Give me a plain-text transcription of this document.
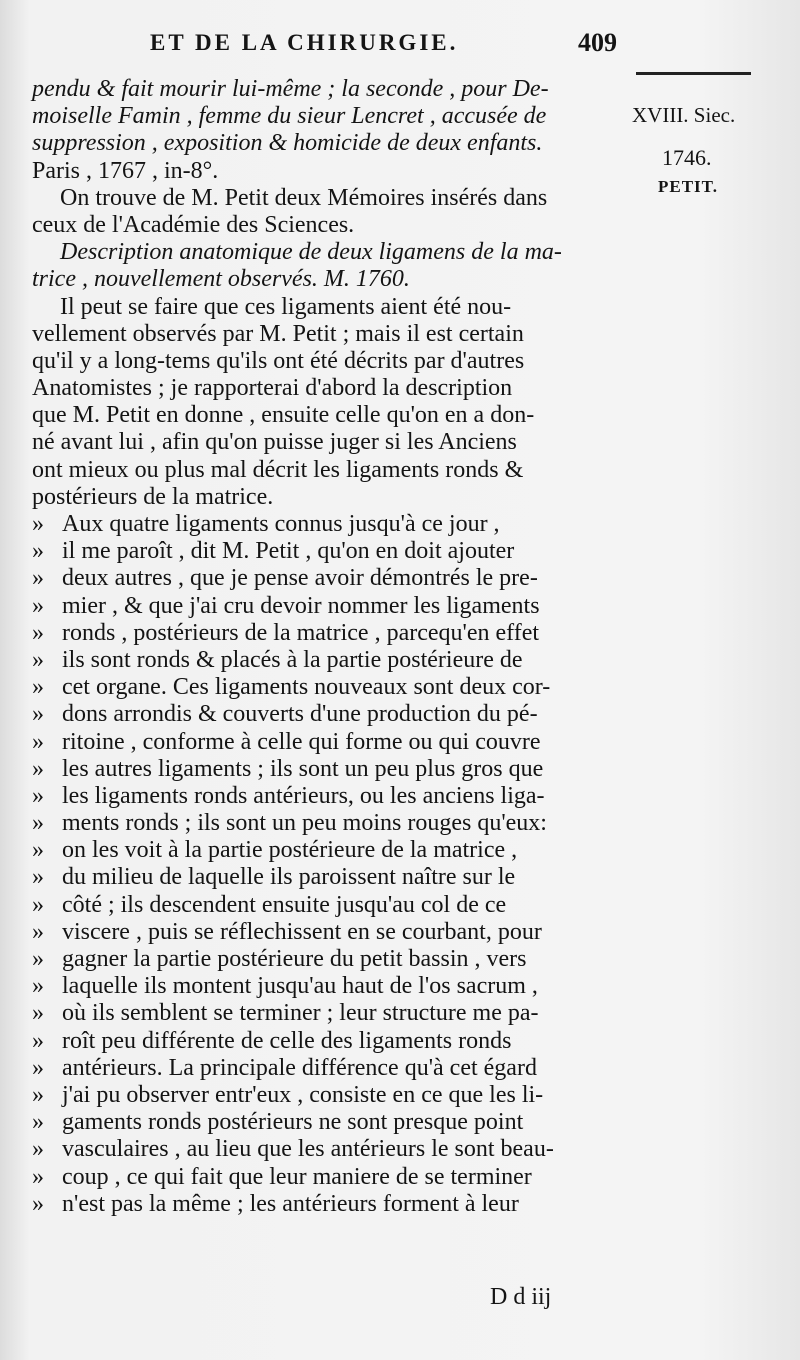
ET DE LA CHIRURGIE.	409
XVIII. Siec.
1746.
PETIT.
pendu & fait mourir lui-même ; la seconde , pour De-
moiselle Famin , femme du sieur Lencret , accusée de
suppression , exposition & homicide de deux enfants.
Paris , 1767 , in-8°.
On trouve de M. Petit deux Mémoires insérés dans
ceux de l'Académie des Sciences.
Description anatomique de deux ligamens de la ma-
trice , nouvellement observés. M. 1760.
Il peut se faire que ces ligaments aient été nou-
vellement observés par M. Petit ; mais il est certain
qu'il y a long-tems qu'ils ont été décrits par d'autres
Anatomistes ; je rapporterai d'abord la description
que M. Petit en donne , ensuite celle qu'on en a don-
né avant lui , afin qu'on puisse juger si les Anciens
ont mieux ou plus mal décrit les ligaments ronds &
postérieurs de la matrice.
» Aux quatre ligaments connus jusqu'à ce jour ,
» il me paroît , dit M. Petit , qu'on en doit ajouter
» deux autres , que je pense avoir démontrés le pre-
» mier , & que j'ai cru devoir nommer les ligaments
» ronds , postérieurs de la matrice , parcequ'en effet
» ils sont ronds & placés à la partie postérieure de
» cet organe. Ces ligaments nouveaux sont deux cor-
» dons arrondis & couverts d'une production du pé-
» ritoine , conforme à celle qui forme ou qui couvre
» les autres ligaments ; ils sont un peu plus gros que
» les ligaments ronds antérieurs, ou les anciens liga-
» ments ronds ; ils sont un peu moins rouges qu'eux:
» on les voit à la partie postérieure de la matrice ,
» du milieu de laquelle ils paroissent naître sur le
» côté ; ils descendent ensuite jusqu'au col de ce
» viscere , puis se réflechissent en se courbant, pour
» gagner la partie postérieure du petit bassin , vers
» laquelle ils montent jusqu'au haut de l'os sacrum ,
» où ils semblent se terminer ; leur structure me pa-
» roît peu différente de celle des ligaments ronds
» antérieurs. La principale différence qu'à cet égard
» j'ai pu observer entr'eux , consiste en ce que les li-
» gaments ronds postérieurs ne sont presque point
» vasculaires , au lieu que les antérieurs le sont beau-
» coup , ce qui fait que leur maniere de se terminer
» n'est pas la même ; les antérieurs forment à leur
D d iij
